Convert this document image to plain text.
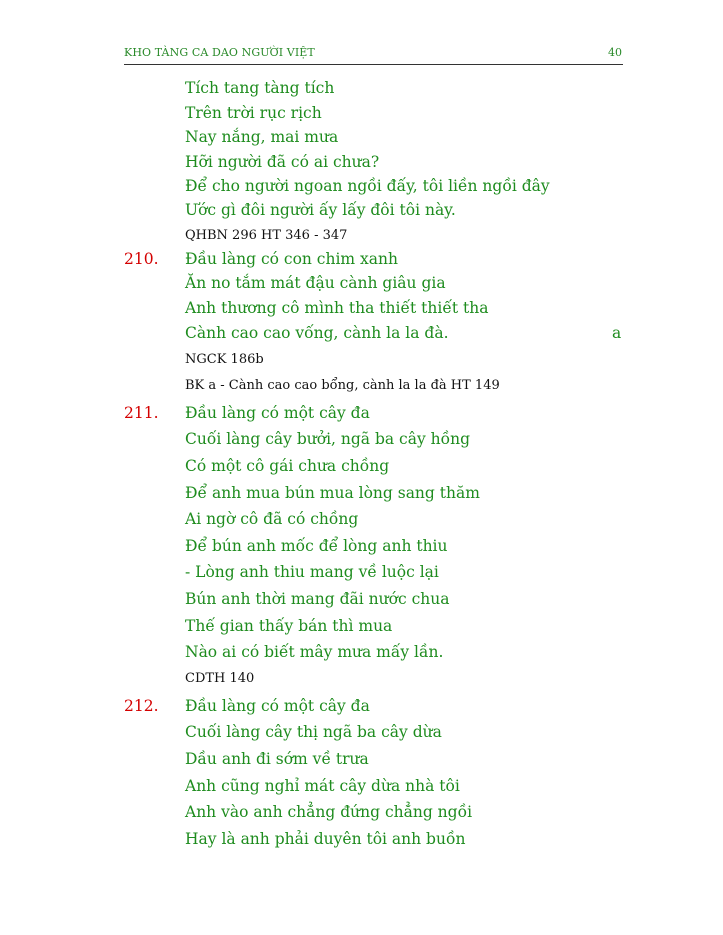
KHO TÀNG CA DAO NGƯỜI VIỆT	40
Tích tang tàng tích
Trên trời rục rịch
Nay nắng, mai mưa
Hỡi người đã có ai chưa?
Để cho người ngoan ngồi đấy, tôi liền ngồi đây
Ước gì đôi người ấy lấy đôi tôi này.
QHBN 296 HT 346 - 347
210. Đầu làng có con chim xanh
Ăn no tắm mát đậu cành giâu gia
Anh thương cô mình tha thiết thiết tha
Cành cao cao vống, cành la la đà.	a
NGCK 186b
BK a - Cành cao cao bổng, cành la la đà HT 149
211. Đầu làng có một cây đa
Cuối làng cây bưởi, ngã ba cây hồng
Có một cô gái chưa chồng
Để anh mua bún mua lòng sang thăm
Ai ngờ cô đã có chồng
Để bún anh mốc để lòng anh thiu
- Lòng anh thiu mang về luộc lại
Bún anh thời mang đãi nước chua
Thế gian thấy bán thì mua
Nào ai có biết mây mưa mấy lần.
CDTH 140
212. Đầu làng có một cây đa
Cuối làng cây thị ngã ba cây dừa
Dầu anh đi sớm về trưa
Anh cũng nghỉ mát cây dừa nhà tôi
Anh vào anh chẳng đứng chẳng ngồi
Hay là anh phải duyên tôi anh buồn
